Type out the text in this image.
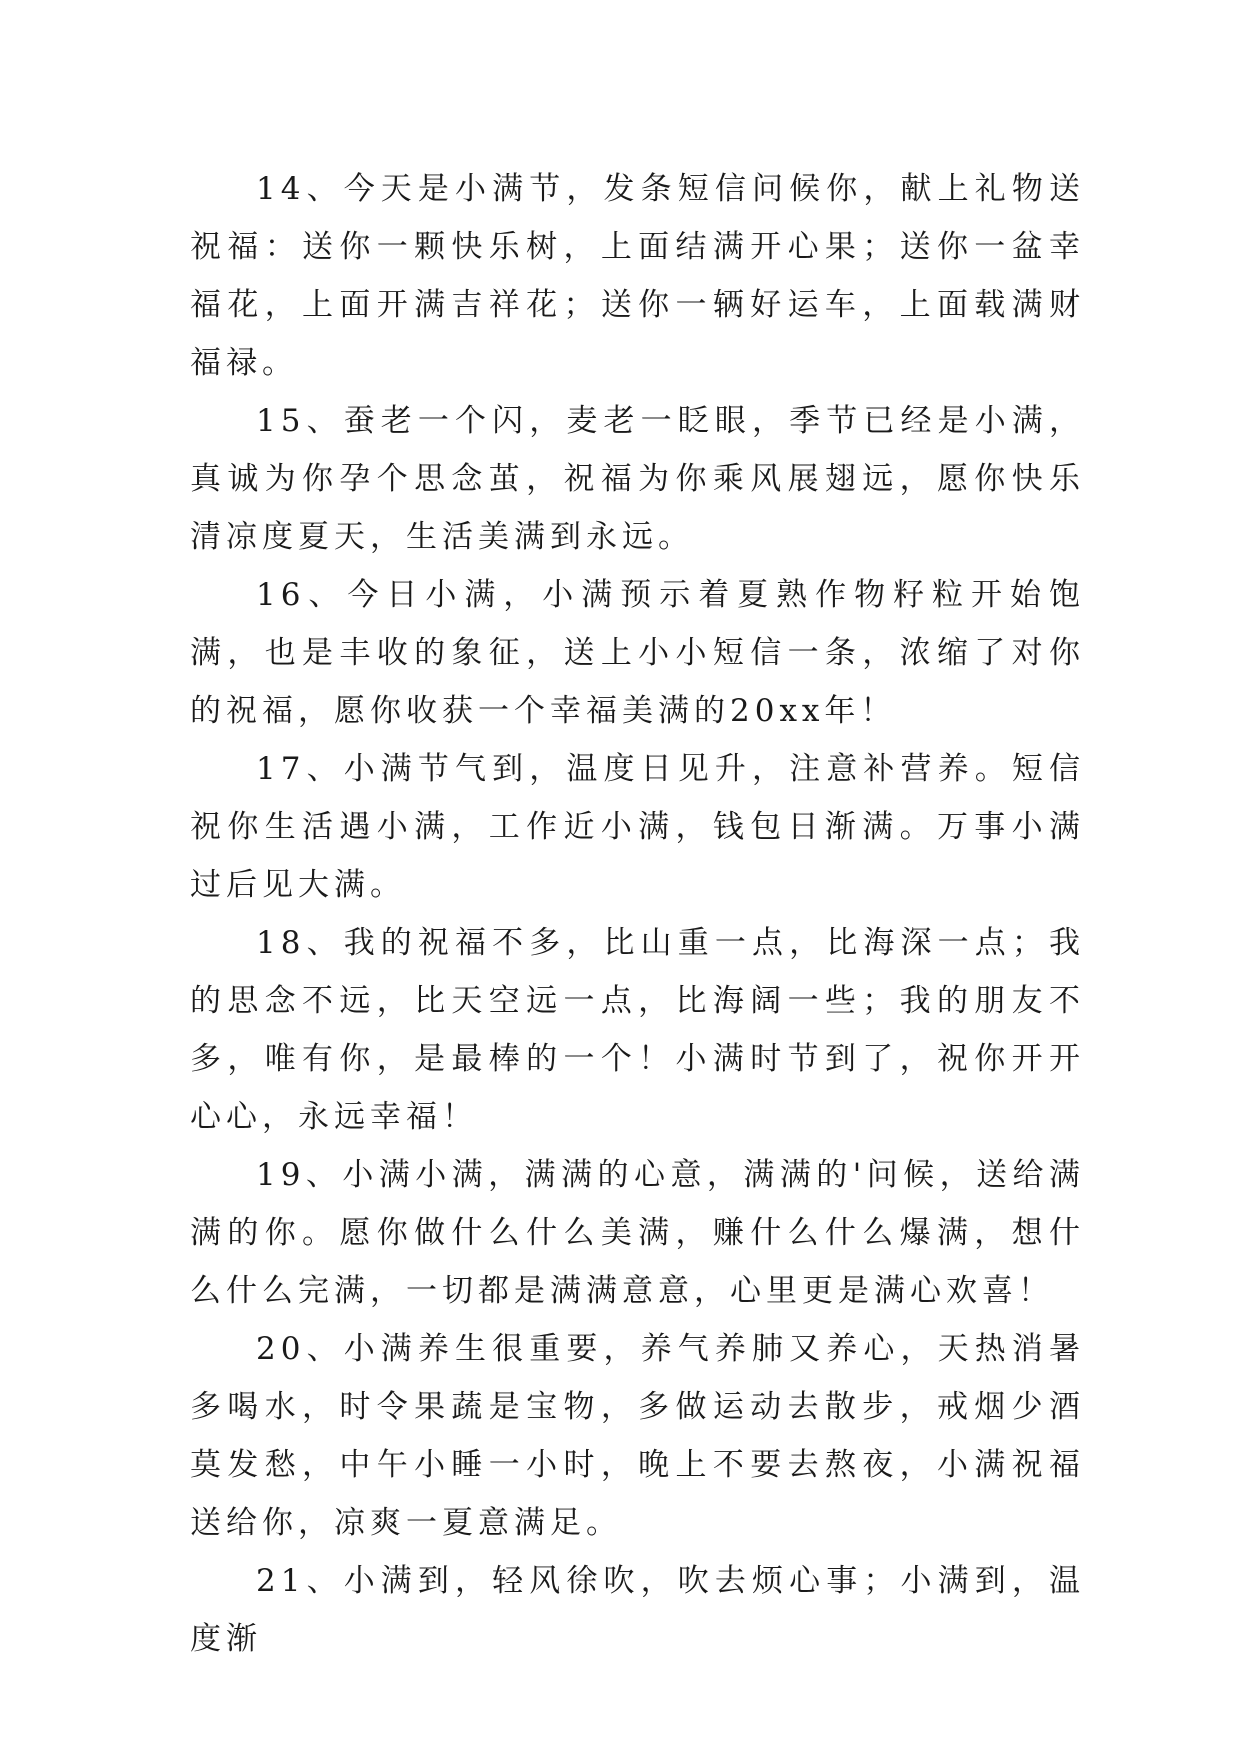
14、今天是小满节，发条短信问候你，献上礼物送祝福：送你一颗快乐树，上面结满开心果；送你一盆幸福花，上面开满吉祥花；送你一辆好运车，上面载满财福禄。

15、蚕老一个闪，麦老一眨眼，季节已经是小满，真诚为你孕个思念茧，祝福为你乘风展翅远，愿你快乐清凉度夏天，生活美满到永远。

16、今日小满，小满预示着夏熟作物籽粒开始饱满，也是丰收的象征，送上小小短信一条，浓缩了对你的祝福，愿你收获一个幸福美满的20xx年！

17、小满节气到，温度日见升，注意补营养。短信祝你生活遇小满，工作近小满，钱包日渐满。万事小满过后见大满。

18、我的祝福不多，比山重一点，比海深一点；我的思念不远，比天空远一点，比海阔一些；我的朋友不多，唯有你，是最棒的一个！小满时节到了，祝你开开心心，永远幸福！

19、小满小满，满满的心意，满满的'问候，送给满满的你。愿你做什么什么美满，赚什么什么爆满，想什么什么完满，一切都是满满意意，心里更是满心欢喜！

20、小满养生很重要，养气养肺又养心，天热消暑多喝水，时令果蔬是宝物，多做运动去散步，戒烟少酒莫发愁，中午小睡一小时，晚上不要去熬夜，小满祝福送给你，凉爽一夏意满足。

21、小满到，轻风徐吹，吹去烦心事；小满到，温度渐
